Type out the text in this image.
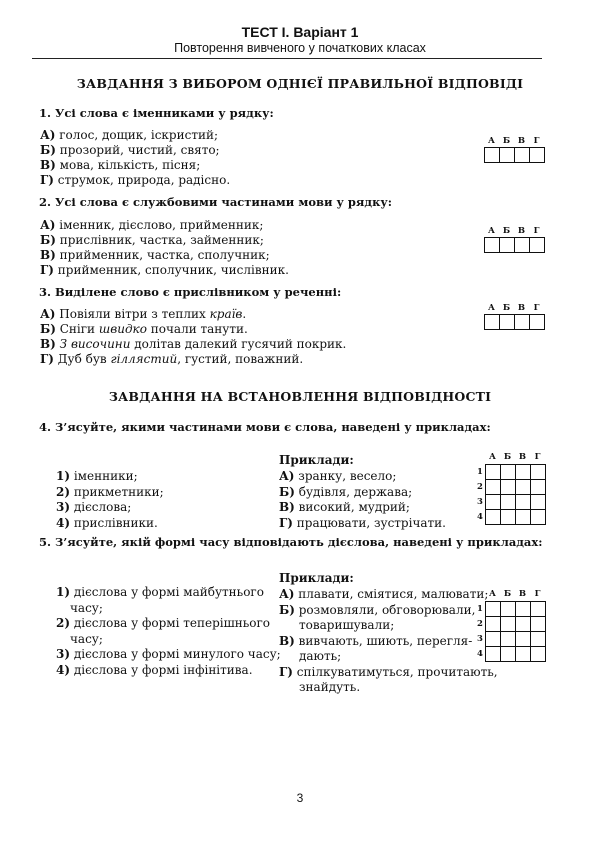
ТЕСТ І. Варіант 1
Повторення вивченого у початкових класах
ЗАВДАННЯ З ВИБОРОМ ОДНІЄЇ ПРАВИЛЬНОЇ ВІДПОВІДІ
1. Усі слова є іменниками у рядку:
А) голос, дощик, іскристий;
Б) прозорий, чистий, свято;
В) мова, кількість, пісня;
Г) струмок, природа, радісно.
А Б В Г
2. Усі слова є службовими частинами мови у рядку:
А) іменник, дієслово, прийменник;
Б) прислівник, частка, займенник;
В) прийменник, частка, сполучник;
Г) прийменник, сполучник, числівник.
А Б В Г
3. Виділене слово є прислівником у реченні:
А) Повіяли вітри з теплих країв.
Б) Сніги швидко почали танути.
В) З височини долітав далекий гусячий покрик.
Г) Дуб був гіллястий, густий, поважний.
А Б В Г
ЗАВДАННЯ НА ВСТАНОВЛЕННЯ ВІДПОВІДНОСТІ
4. З’ясуйте, якими частинами мови є слова, наведені у прикладах:
1) іменники;
2) прикметники;
3) дієслова;
4) прислівники.
Приклади:
А) зранку, весело;
Б) будівля, держава;
В) високий, мудрий;
Г) працювати, зустрічати.
А Б В Г
1
2
3
4
5. З’ясуйте, якій формі часу відповідають дієслова, наведені у прикладах:
1) дієслова у формі майбутнього
часу;
2) дієслова у формі теперішнього
часу;
3) дієслова у формі минулого часу;
4) дієслова у формі інфінітива.
Приклади:
А) плавати, сміятися, малювати;
Б) розмовляли, обговорювали,
товаришували;
В) вивчають, шиють, перегля-
дають;
Г) спілкуватимуться, прочитають,
знайдуть.
А Б В Г
1
2
3
4
3
